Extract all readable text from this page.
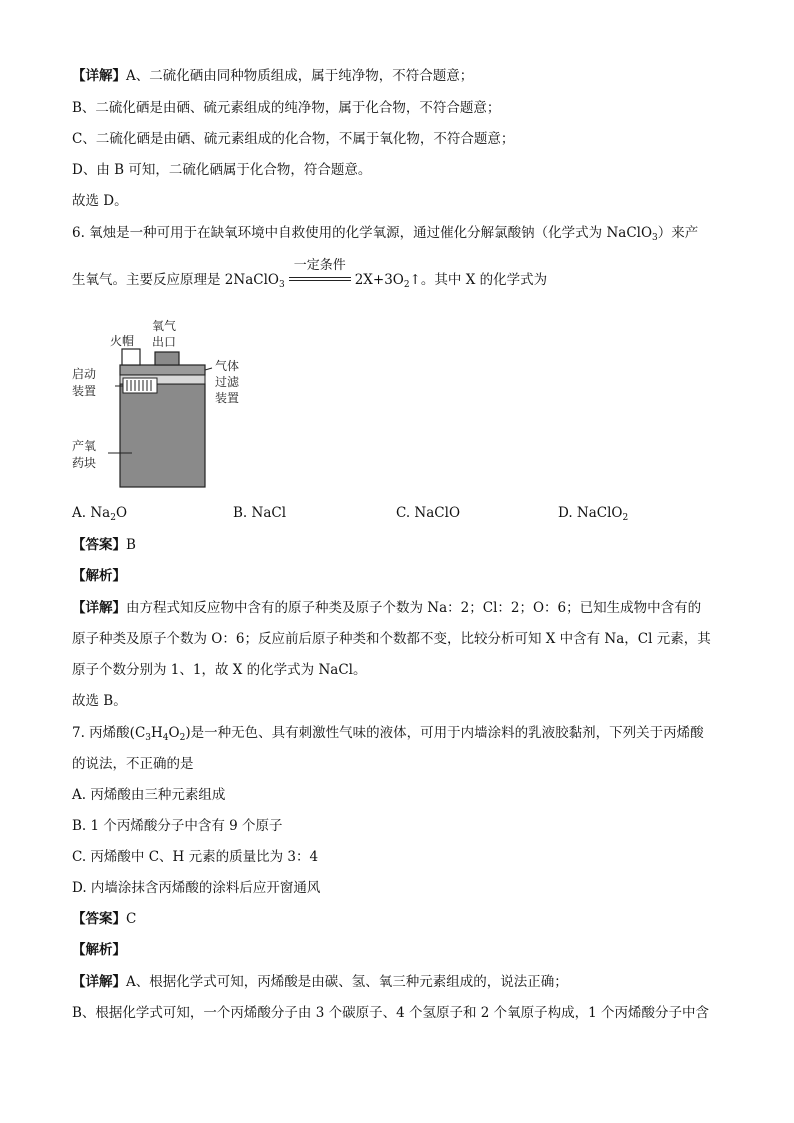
【详解】A、二硫化硒由同种物质组成，属于纯净物，不符合题意；
B、二硫化硒是由硒、硫元素组成的纯净物，属于化合物，不符合题意；
C、二硫化硒是由硒、硫元素组成的化合物，不属于氧化物，不符合题意；
D、由 B 可知，二硫化硒属于化合物，符合题意。
故选 D。
6. 氧烛是一种可用于在缺氧环境中自救使用的化学氧源，通过催化分解氯酸钠（化学式为 NaClO$_3$）来产
生氧气。主要反应原理是 2NaClO$_3$
一定条件
$2X+3O_2↑$。其中 X 的化学式为
火帽
氧气
出口
启动
装置
气体
过滤
装置
产氧
药块
A. $Na_2O$	B. NaCl	C. NaClO	D. NaClO$_2$
【答案】B
【解析】
【详解】由方程式知反应物中含有的原子种类及原子个数为 Na：2；Cl：2；O：6；已知生成物中含有的
原子种类及原子个数为 O：6；反应前后原子种类和个数都不变，比较分析可知 X 中含有 Na，Cl 元素，其
原子个数分别为 1、1，故 X 的化学式为 NaCl。
故选 B。
7. 丙烯酸$(C_3H_4O_2)$是一种无色、具有刺激性气味的液体，可用于内墙涂料的乳液胶黏剂，下列关于丙烯酸
的说法，不正确的是
A. 丙烯酸由三种元素组成
B. 1 个丙烯酸分子中含有 9 个原子
C. 丙烯酸中 C、H 元素的质量比为 3：4
D. 内墙涂抹含丙烯酸的涂料后应开窗通风
【答案】C
【解析】
【详解】A、根据化学式可知，丙烯酸是由碳、氢、氧三种元素组成的，说法正确；
B、根据化学式可知，一个丙烯酸分子由 3 个碳原子、4 个氢原子和 2 个氧原子构成，1 个丙烯酸分子中含
